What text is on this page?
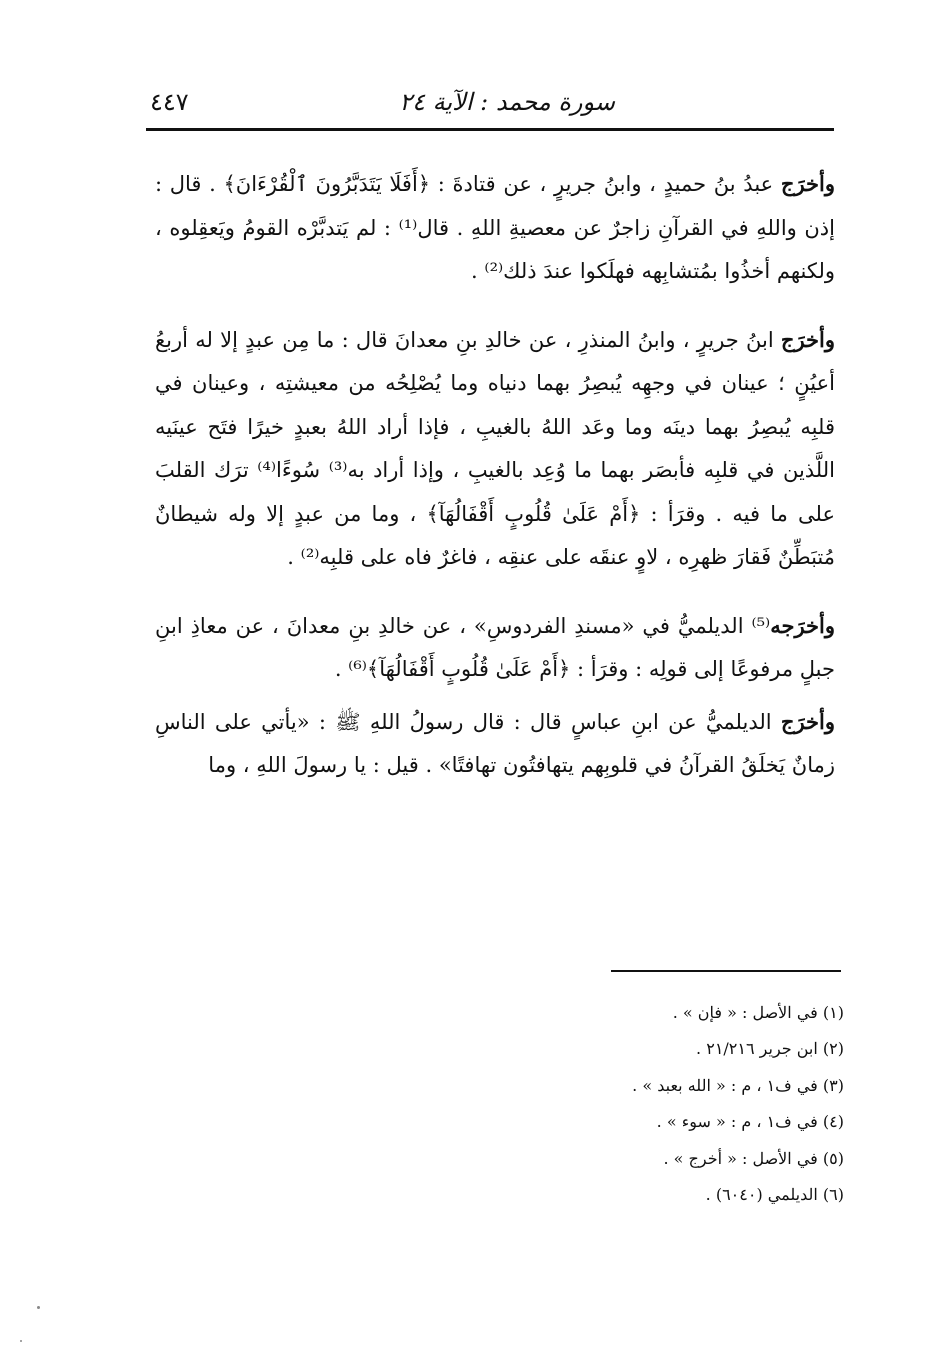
سورة محمد : الآية ٢٤
٤٤٧

وأخرَج عبدُ بنُ حميدٍ ، وابنُ جريرٍ ، عن قتادةَ : ﴿أَفَلَا يَتَدَبَّرُونَ ٱلْقُرْءَانَ﴾ . قال : إذن واللهِ في القرآنِ زاجرٌ عن معصيةِ اللهِ . قال⁽¹⁾ : لم يَتدبَّرْه القومُ ويَعقِلوه ، ولكنهم أخذُوا بمُتشابِهه فهلَكوا عندَ ذلك⁽²⁾ .

وأخرَج ابنُ جريرٍ ، وابنُ المنذرِ ، عن خالدِ بنِ معدانَ قال : ما مِن عبدٍ إلا له أربعُ أعيُنٍ ؛ عينان في وجهِه يُبصِرُ بهما دنياه وما يُصْلِحُه من معيشتِه ، وعينان في قلبِه يُبصِرُ بهما دينَه وما وعَد اللهُ بالغيبِ ، فإذا أراد اللهُ بعبدٍ خيرًا فتَح عينَيه اللَّذين في قلبِه فأبصَر بهما ما وُعِد بالغيبِ ، وإذا أراد به⁽³⁾ سُوءًا⁽⁴⁾ ترَك القلبَ على ما فيه . وقرَأ : ﴿أَمْ عَلَىٰ قُلُوبٍ أَقْفَالُهَآ﴾ ، وما من عبدٍ إلا وله شيطانٌ مُتبَطِّنٌ فَقارَ ظهرِه ، لاوٍ عنقَه على عنقِه ، فاغرٌ فاه على قلبِه⁽²⁾ .

وأخرَجه⁽⁵⁾ الديلميُّ في «مسندِ الفردوسِ» ، عن خالدِ بنِ معدانَ ، عن معاذِ ابنِ جبلٍ مرفوعًا إلى قولِه : وقرَأ : ﴿أَمْ عَلَىٰ قُلُوبٍ أَقْفَالُهَآ﴾⁽⁶⁾ .

وأخرَج الديلميُّ عن ابنِ عباسٍ قال : قال رسولُ اللهِ ﷺ : «يأتي على الناسِ زمانٌ يَخلَقُ القرآنُ في قلوبِهم يتهافتُون تهافتًا» . قيل : يا رسولَ اللهِ ، وما

(١) في الأصل : « فإن » .
(٢) ابن جرير ٢١/٢١٦ .
(٣) في ف١ ، م : « الله بعبد » .
(٤) في ف١ ، م : « سوء » .
(٥) في الأصل : « أخرج » .
(٦) الديلمي (٦٠٤٠) .
